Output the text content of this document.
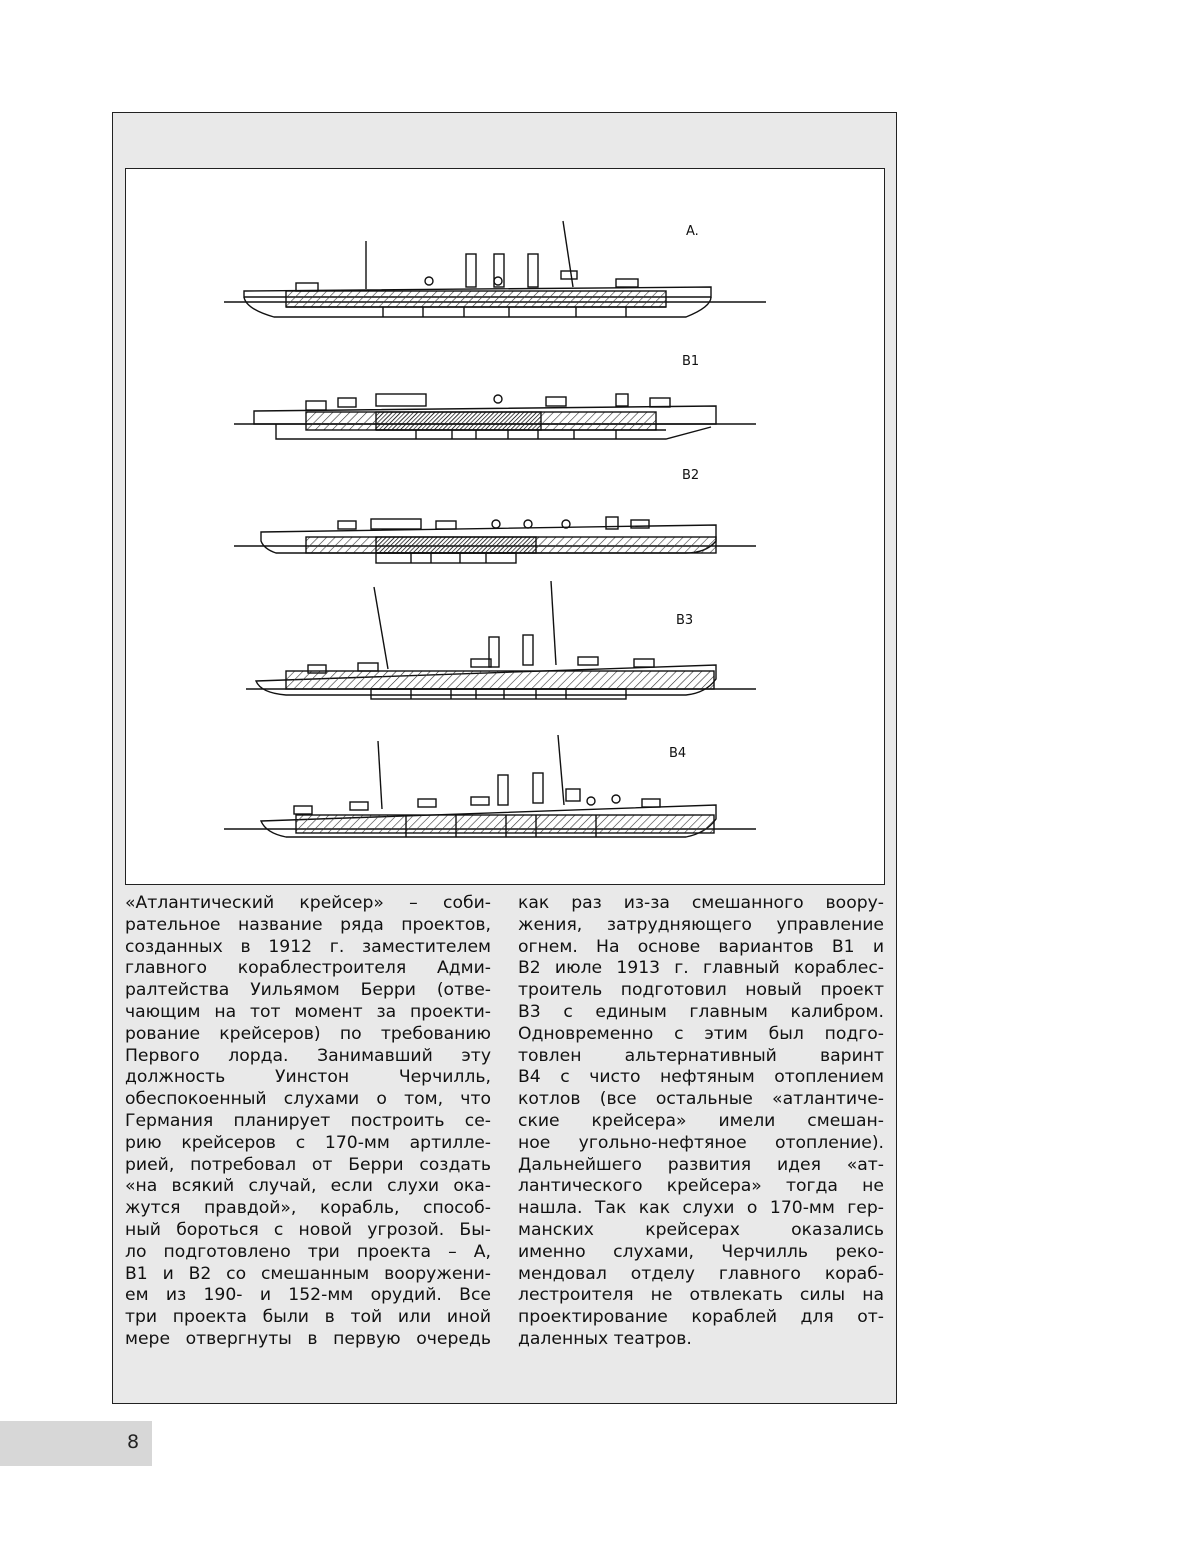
A.
B1
B2
B3
B4
«Атлантический крейсер» – соби-
рательное название ряда проектов,
созданных в 1912 г. заместителем
главного кораблестроителя Адми-
ралтейства Уильямом Берри (отве-
чающим на тот момент за проекти-
рование крейсеров) по требованию
Первого лорда. Занимавший эту
должность Уинстон Черчилль,
обеспокоенный слухами о том, что
Германия планирует построить се-
рию крейсеров с 170-мм артилле-
рией, потребовал от Берри создать
«на всякий случай, если слухи ока-
жутся правдой», корабль, способ-
ный бороться с новой угрозой. Бы-
ло подготовлено три проекта – А,
В1 и В2 со смешанным вооружени-
ем из 190- и 152-мм орудий. Все
три проекта были в той или иной
мере отвергнуты в первую очередь
как раз из-за смешанного воору-
жения, затрудняющего управление
огнем. На основе вариантов В1 и
В2 июле 1913 г. главный кораблес-
троитель подготовил новый проект
В3 с единым главным калибром.
Одновременно с этим был подго-
товлен альтернативный варинт
В4 с чисто нефтяным отоплением
котлов (все остальные «атлантиче-
ские крейсера» имели смешан-
ное угольно-нефтяное отопление).
Дальнейшего развития идея «ат-
лантического крейсера» тогда не
нашла. Так как слухи о 170-мм гер-
манских крейсерах оказались
именно слухами, Черчилль реко-
мендовал отделу главного кораб-
лестроителя не отвлекать силы на
проектирование кораблей для от-
даленных театров.
8
